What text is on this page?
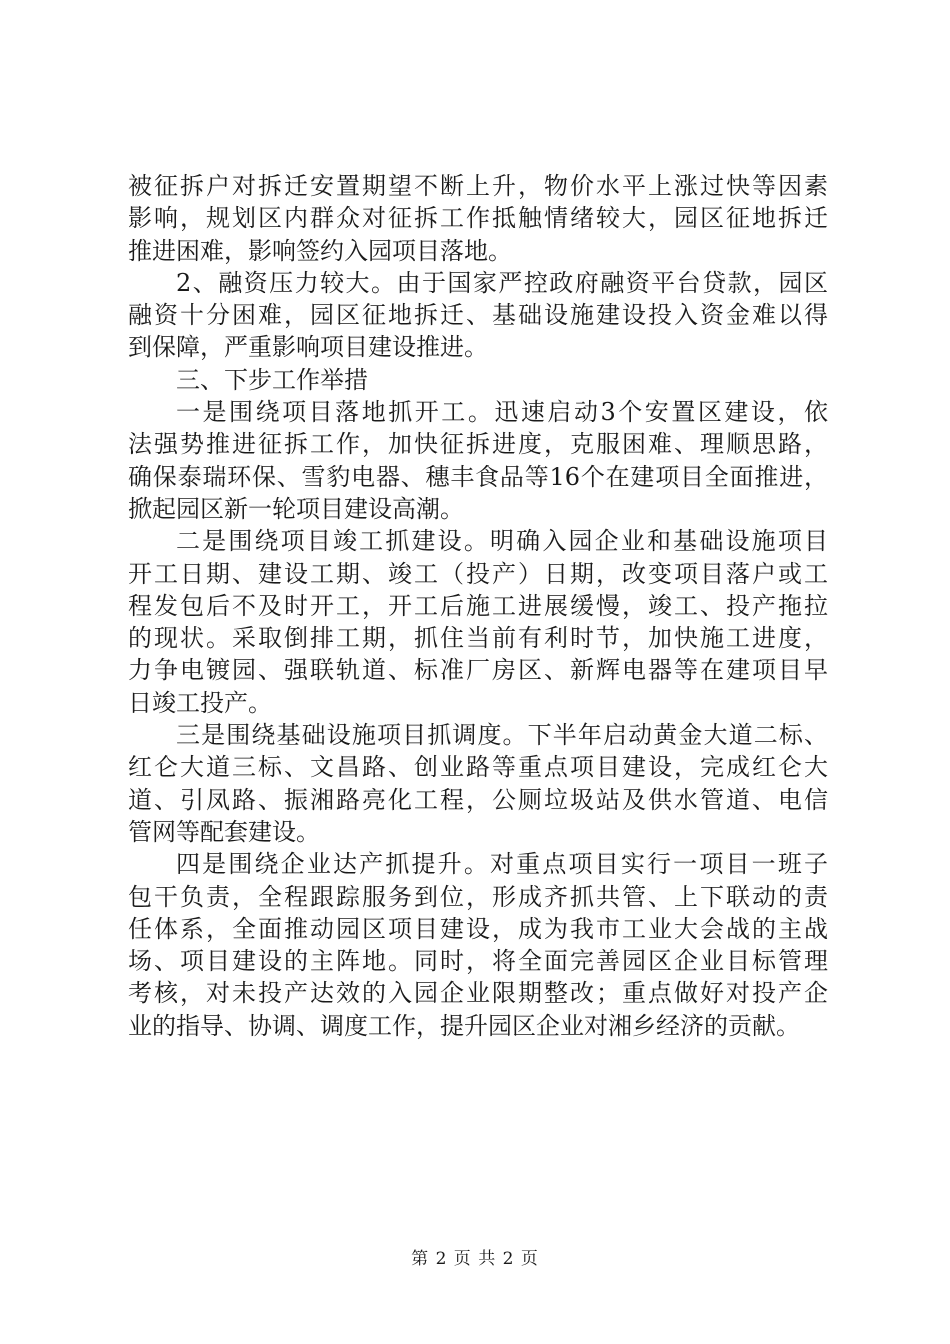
被征拆户对拆迁安置期望不断上升，物价水平上涨过快等因素
影响，规划区内群众对征拆工作抵触情绪较大，园区征地拆迁
推进困难，影响签约入园项目落地。
2、融资压力较大。由于国家严控政府融资平台贷款，园区
融资十分困难，园区征地拆迁、基础设施建设投入资金难以得
到保障，严重影响项目建设推进。
三、下步工作举措
一是围绕项目落地抓开工。迅速启动3个安置区建设，依
法强势推进征拆工作，加快征拆进度，克服困难、理顺思路，
确保泰瑞环保、雪豹电器、穗丰食品等16个在建项目全面推进，
掀起园区新一轮项目建设高潮。
二是围绕项目竣工抓建设。明确入园企业和基础设施项目
开工日期、建设工期、竣工（投产）日期，改变项目落户或工
程发包后不及时开工，开工后施工进展缓慢，竣工、投产拖拉
的现状。采取倒排工期，抓住当前有利时节，加快施工进度，
力争电镀园、强联轨道、标准厂房区、新辉电器等在建项目早
日竣工投产。
三是围绕基础设施项目抓调度。下半年启动黄金大道二标、
红仑大道三标、文昌路、创业路等重点项目建设，完成红仑大
道、引凤路、振湘路亮化工程，公厕垃圾站及供水管道、电信
管网等配套建设。
四是围绕企业达产抓提升。对重点项目实行一项目一班子
包干负责，全程跟踪服务到位，形成齐抓共管、上下联动的责
任体系，全面推动园区项目建设，成为我市工业大会战的主战
场、项目建设的主阵地。同时，将全面完善园区企业目标管理
考核，对未投产达效的入园企业限期整改；重点做好对投产企
业的指导、协调、调度工作，提升园区企业对湘乡经济的贡献。
第 2 页 共 2 页
